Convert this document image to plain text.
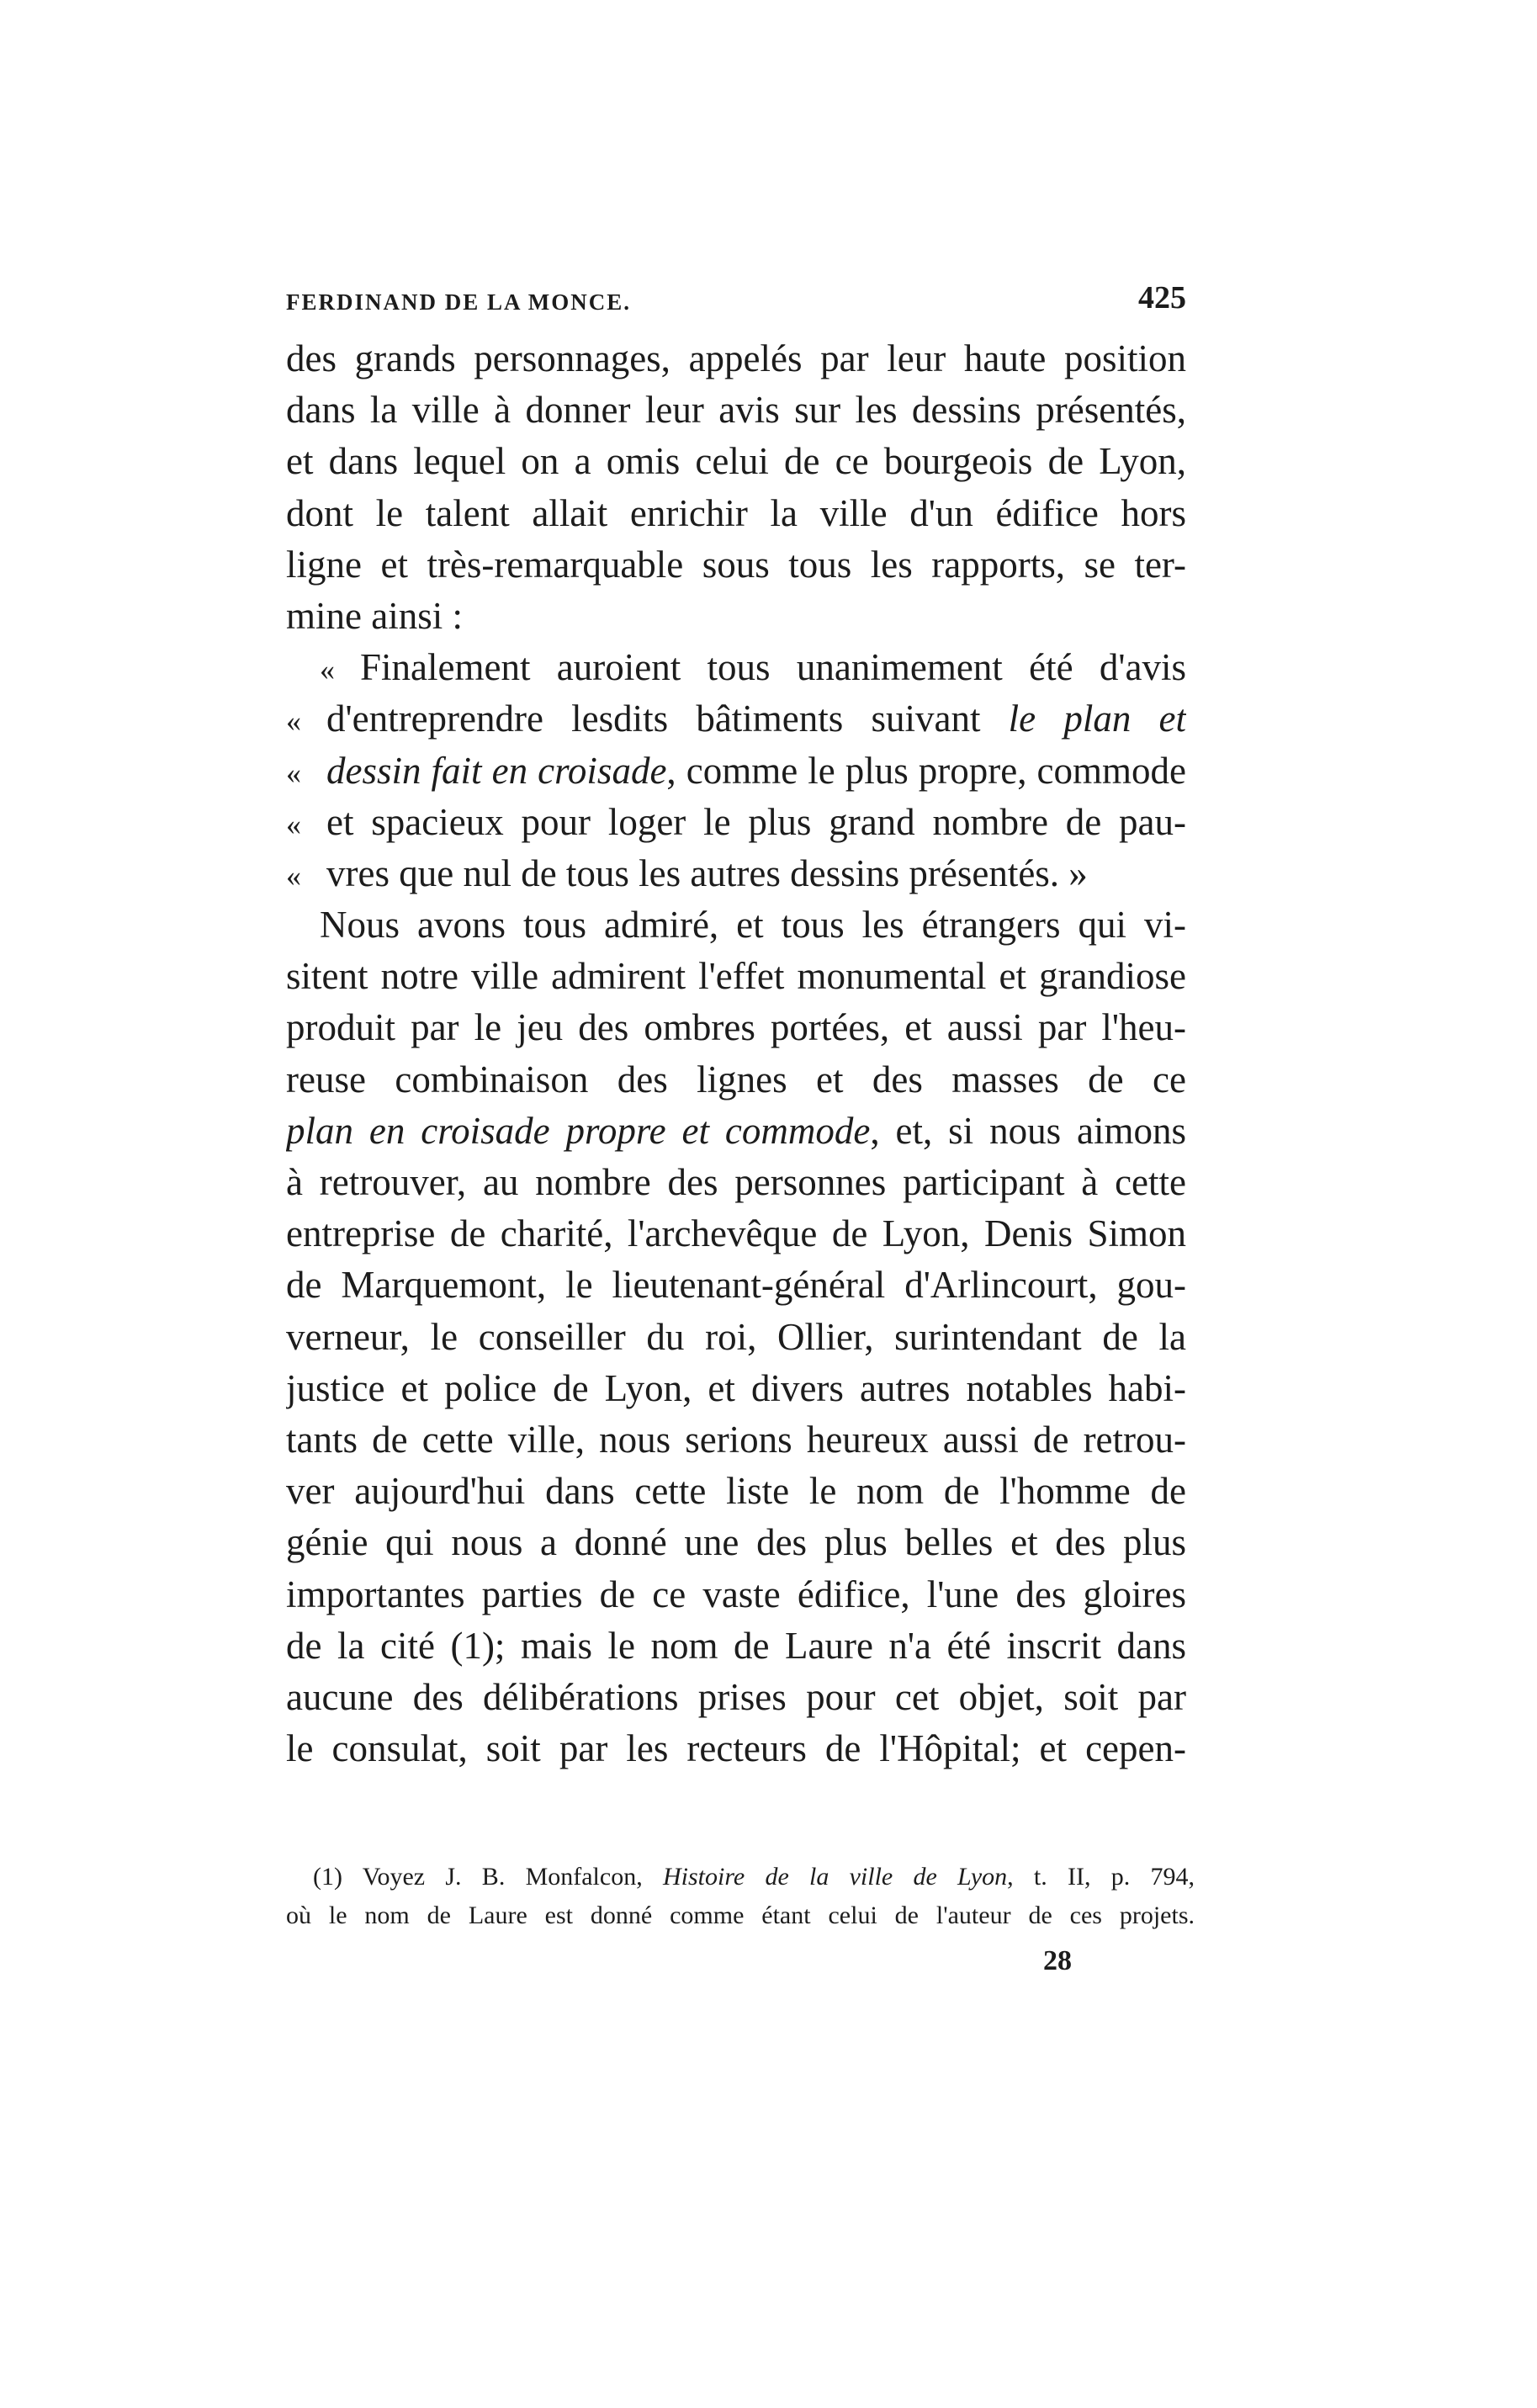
FERDINAND DE LA MONCE.	425
des grands personnages, appelés par leur haute position
dans la ville à donner leur avis sur les dessins présentés,
et dans lequel on a omis celui de ce bourgeois de Lyon,
dont le talent allait enrichir la ville d'un édifice hors
ligne et très-remarquable sous tous les rapports, se ter-
mine ainsi :
« Finalement auroient tous unanimement été d'avis
« d'entreprendre lesdits bâtiments suivant le plan et
« dessin fait en croisade, comme le plus propre, commode
« et spacieux pour loger le plus grand nombre de pau-
« vres que nul de tous les autres dessins présentés. »
Nous avons tous admiré, et tous les étrangers qui vi-
sitent notre ville admirent l'effet monumental et grandiose
produit par le jeu des ombres portées, et aussi par l'heu-
reuse combinaison des lignes et des masses de ce
plan en croisade propre et commode, et, si nous aimons
à retrouver, au nombre des personnes participant à cette
entreprise de charité, l'archevêque de Lyon, Denis Simon
de Marquemont, le lieutenant-général d'Arlincourt, gou-
verneur, le conseiller du roi, Ollier, surintendant de la
justice et police de Lyon, et divers autres notables habi-
tants de cette ville, nous serions heureux aussi de retrou-
ver aujourd'hui dans cette liste le nom de l'homme de
génie qui nous a donné une des plus belles et des plus
importantes parties de ce vaste édifice, l'une des gloires
de la cité (1); mais le nom de Laure n'a été inscrit dans
aucune des délibérations prises pour cet objet, soit par
le consulat, soit par les recteurs de l'Hôpital; et cepen-
(1) Voyez J. B. Monfalcon, Histoire de la ville de Lyon, t. II, p. 794,
où le nom de Laure est donné comme étant celui de l'auteur de ces projets.
28
